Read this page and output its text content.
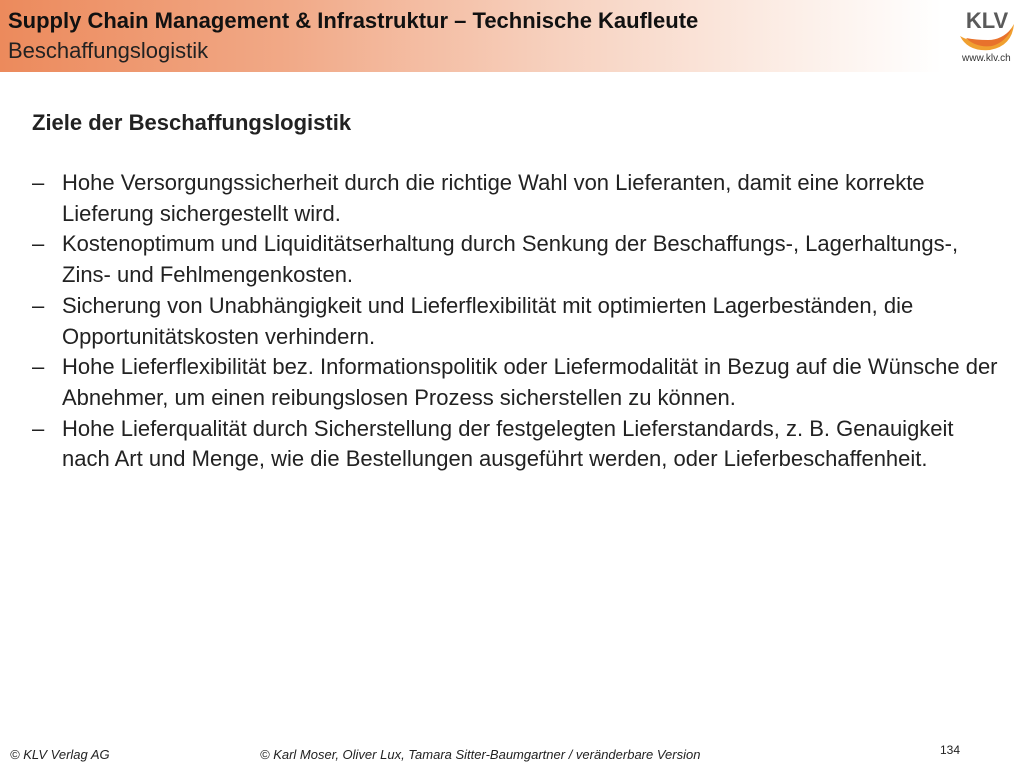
Supply Chain Management & Infrastruktur – Technische Kaufleute
Beschaffungslogistik
KLV
www.klv.ch
Ziele der Beschaffungslogistik
– Hohe Versorgungssicherheit durch die richtige Wahl von Lieferanten, damit eine korrekte Lieferung sichergestellt wird.
– Kostenoptimum und Liquiditätserhaltung durch Senkung der Beschaffungs-, Lagerhaltungs-, Zins- und Fehlmengenkosten.
– Sicherung von Unabhängigkeit und Lieferflexibilität mit optimierten Lagerbeständen, die Opportunitätskosten verhindern.
– Hohe Lieferflexibilität bez. Informationspolitik oder Liefermodalität in Bezug auf die Wünsche der Abnehmer, um einen reibungslosen Prozess sicherstellen zu können.
– Hohe Lieferqualität durch Sicherstellung der festgelegten Lieferstandards, z. B. Genauigkeit nach Art und Menge, wie die Bestellungen ausgeführt werden, oder Lieferbeschaffenheit.
© KLV Verlag AG	© Karl Moser, Oliver Lux, Tamara Sitter-Baumgartner / veränderbare Version	134
